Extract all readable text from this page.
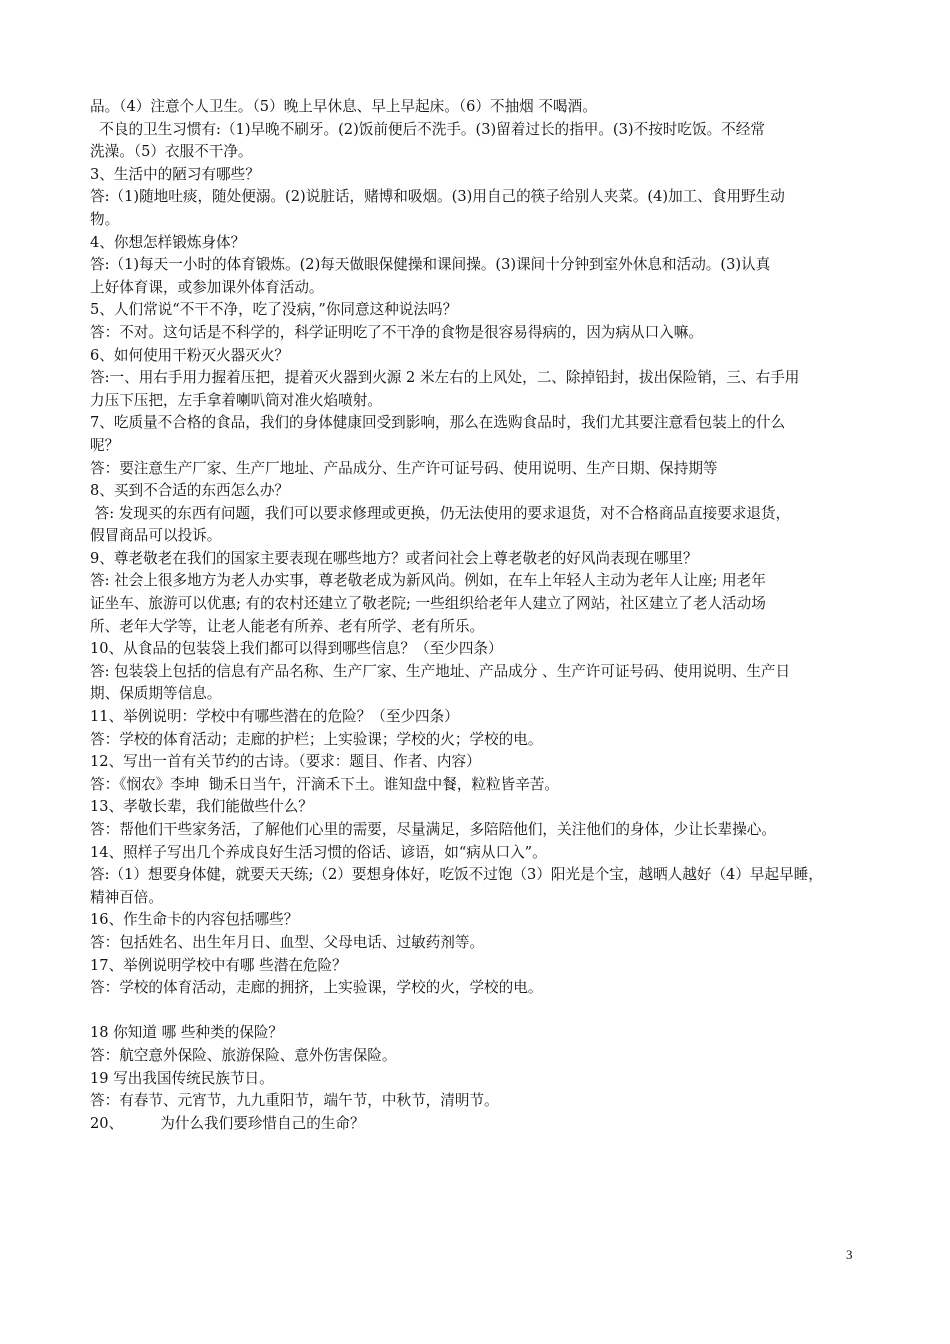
品。（4）注意个人卫生。（5）晚上早休息、早上早起床。（6）不抽烟 不喝酒。
不良的卫生习惯有:（1)早晚不刷牙。(2)饭前便后不洗手。(3)留着过长的指甲。(3)不按时吃饭。不经常
洗澡。（5）衣服不干净。
3、生活中的陋习有哪些？
答:（1)随地吐痰，随处便溺。(2)说脏话，赌博和吸烟。(3)用自己的筷子给别人夹菜。(4)加工、食用野生动
物。
4、你想怎样锻炼身体？
答:（1)每天一小时的体育锻炼。(2)每天做眼保健操和课间操。(3)课间十分钟到室外休息和活动。(3)认真
上好体育课，或参加课外体育活动。
5、人们常说“不干不净，吃了没病，”你同意这种说法吗？
答：不对。这句话是不科学的，科学证明吃了不干净的食物是很容易得病的，因为病从口入嘛。
6、如何使用干粉灭火器灭火？
答:一、用右手用力握着压把，提着灭火器到火源 2 米左右的上风处，二、除掉铅封，拔出保险销，三、右手用
力压下压把，左手拿着喇叭筒对准火焰喷射。
7、吃质量不合格的食品，我们的身体健康回受到影响，那么在选购食品时，我们尤其要注意看包装上的什么
呢？
答：要注意生产厂家、生产厂地址、产品成分、生产许可证号码、使用说明、生产日期、保持期等
8、买到不合适的东西怎么办？
答: 发现买的东西有问题，我们可以要求修理或更换，仍无法使用的要求退货，对不合格商品直接要求退货，
假冒商品可以投诉。
9、尊老敬老在我们的国家主要表现在哪些地方？或者问社会上尊老敬老的好风尚表现在哪里？
答: 社会上很多地方为老人办实事，尊老敬老成为新风尚。例如，在车上年轻人主动为老年人让座; 用老年
证坐车、旅游可以优惠; 有的农村还建立了敬老院; 一些组织给老年人建立了网站，社区建立了老人活动场
所、老年大学等，让老人能老有所养、老有所学、老有所乐。
10、从食品的包装袋上我们都可以得到哪些信息？（至少四条）
答: 包装袋上包括的信息有产品名称、生产厂家、生产地址、产品成分 、生产许可证号码、使用说明、生产日
期、保质期等信息。
11、举例说明：学校中有哪些潜在的危险？（至少四条）
答：学校的体育活动；走廊的护栏；上实验课；学校的火；学校的电。
12、写出一首有关节约的古诗。（要求：题目、作者、内容）
答：《悯农》李坤  锄禾日当午，汗滴禾下土。谁知盘中餐，粒粒皆辛苦。
13、孝敬长辈，我们能做些什么？
答：帮他们干些家务活，了解他们心里的需要，尽量满足，多陪陪他们，关注他们的身体，少让长辈操心。
14、照样子写出几个养成良好生活习惯的俗话、谚语，如“病从口入”。
答:（1）想要身体健，就要天天练;（2）要想身体好，吃饭不过饱（3）阳光是个宝，越晒人越好（4）早起早睡，
精神百倍。
16、作生命卡的内容包括哪些？
答：包括姓名、出生年月日、血型、父母电话、过敏药剂等。
17、举例说明学校中有哪 些潜在危险？
答：学校的体育活动，走廊的拥挤，上实验课，学校的火，学校的电。
18 你知道 哪 些种类的保险？
答：航空意外保险、旅游保险、意外伤害保险。
19 写出我国传统民族节日。
答：有春节、元宵节，九九重阳节，端午节，中秋节，清明节。
20、        为什么我们要珍惜自己的生命？
3
